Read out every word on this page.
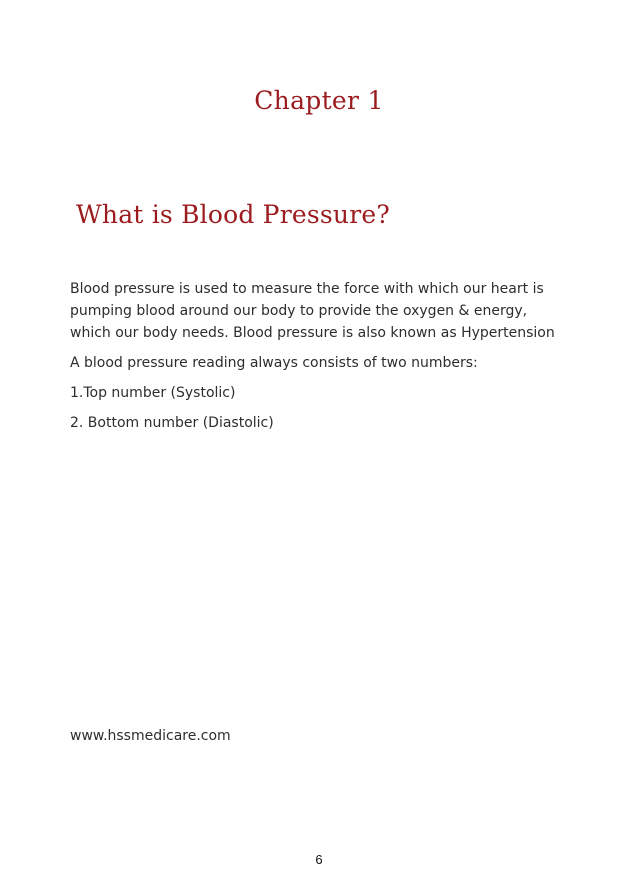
Chapter 1
What is Blood Pressure?

Blood pressure is used to measure the force with which our heart is pumping blood around our body to provide the oxygen & energy, which our body needs. Blood pressure is also known as Hypertension

A blood pressure reading always consists of two numbers:

1.Top number (Systolic)

2. Bottom number (Diastolic)

www.hssmedicare.com
6
